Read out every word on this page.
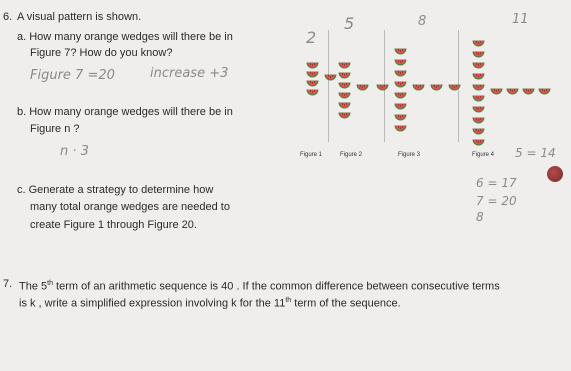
6. A visual pattern is shown.
a. How many orange wedges will there be in
Figure 7? How do you know?
b. How many orange wedges will there be in
Figure n ?
c. Generate a strategy to determine how
many total orange wedges are needed to
create Figure 1 through Figure 20.
Figure 7 =20	increase +3
n · 3
2
5	8	11
5 = 14
6 = 17
7 = 20
8
Figure 1	Figure 2	Figure 3	Figure 4
7. The 5th term of an arithmetic sequence is 40 . If the common difference between consecutive terms
is k , write a simplified expression involving k for the 11th term of the sequence.
